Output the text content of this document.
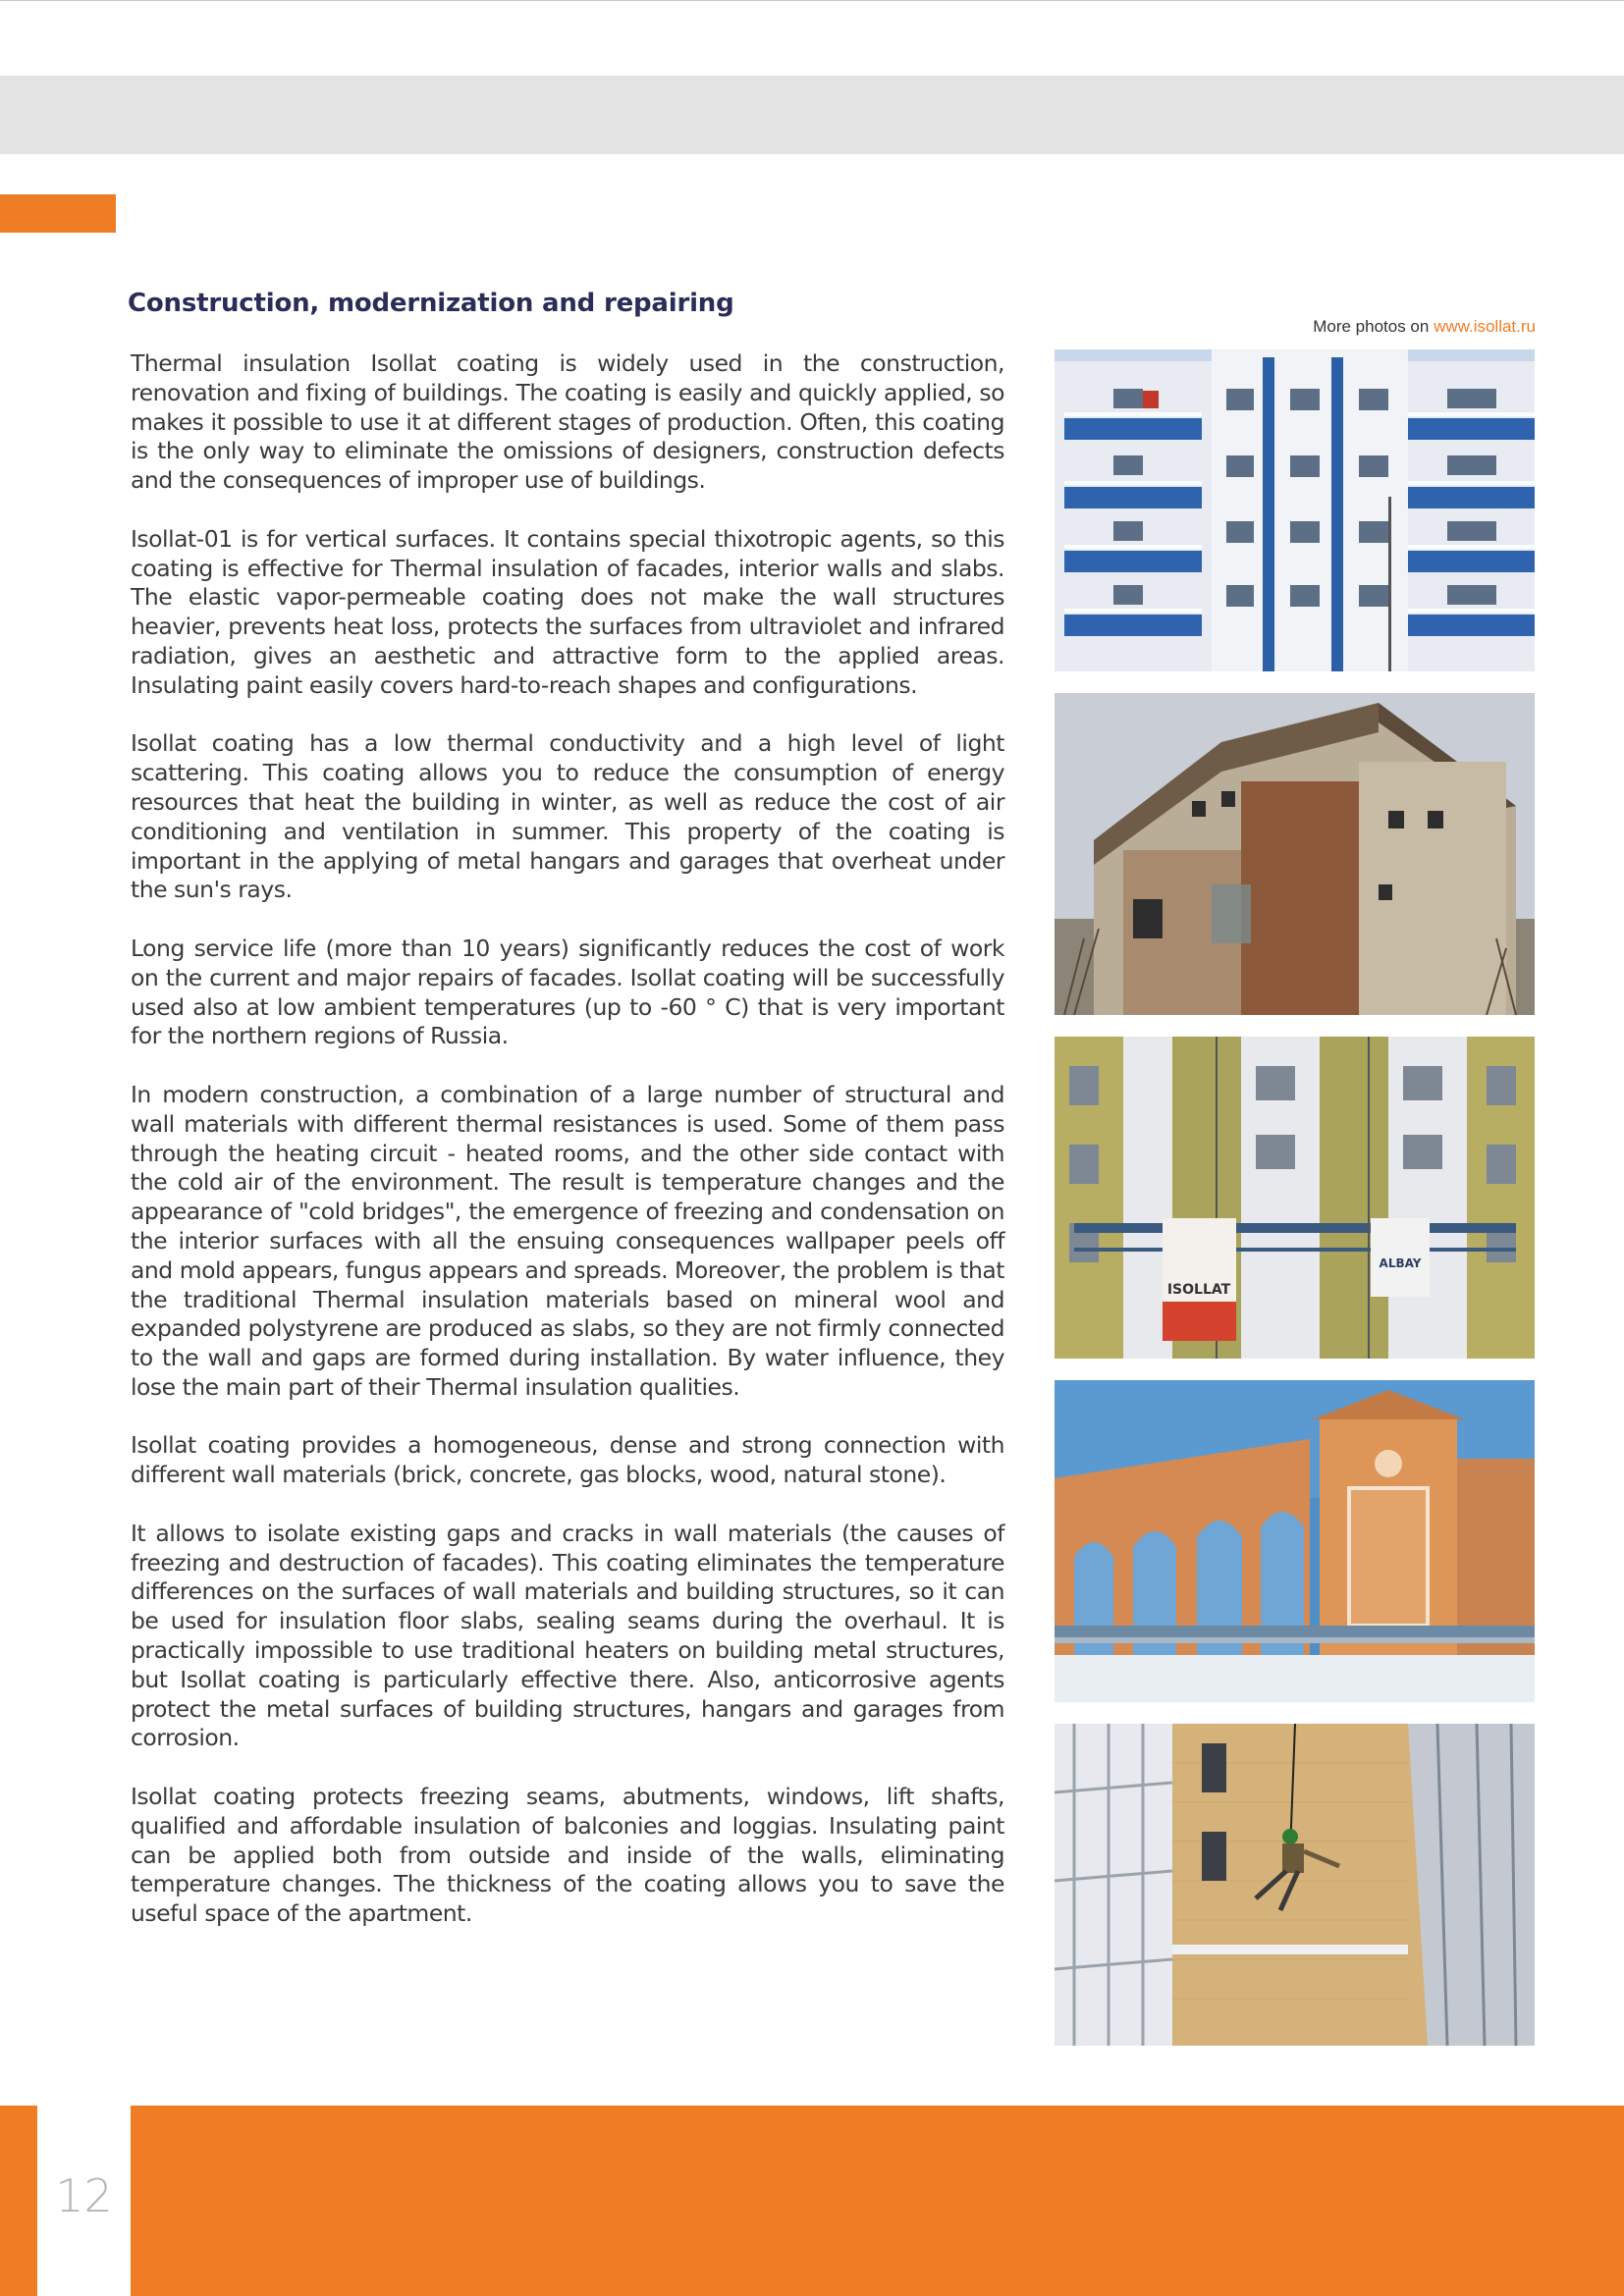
Construction, modernization and repairing
More photos on www.isollat.ru

Thermal insulation Isollat coating is widely used in the construction, renovation and fixing of buildings. The coating is easily and quickly applied, so makes it possible to use it at different stages of production. Often, this coating is the only way to eliminate the omissions of designers, construction defects and the consequences of improper use of buildings.

Isollat-01 is for vertical surfaces. It contains special thixotropic agents, so this coating is effective for Thermal insulation of facades, interior walls and slabs. The elastic vapor-permeable coating does not make the wall structures heavier, prevents heat loss, protects the surfaces from ultraviolet and infrared radiation, gives an aesthetic and attractive form to the applied areas. Insulating paint easily covers hard-to-reach shapes and configurations.

Isollat coating has a low thermal conductivity and a high level of light scattering. This coating allows you to reduce the consumption of energy resources that heat the building in winter, as well as reduce the cost of air conditioning and ventilation in summer. This property of the coating is important in the applying of metal hangars and garages that overheat under the sun's rays.

Long service life (more than 10 years) significantly reduces the cost of work on the current and major repairs of facades. Isollat coating will be successfully used also at low ambient temperatures (up to -60 ° C) that is very important for the northern regions of Russia.

In modern construction, a combination of a large number of structural and wall materials with different thermal resistances is used. Some of them pass through the heating circuit - heated rooms, and the other side contact with the cold air of the environment. The result is temperature changes and the appearance of "cold bridges", the emergence of freezing and condensation on the interior surfaces with all the ensuing consequences wallpaper peels off and mold appears, fungus appears and spreads. Moreover, the problem is that the traditional Thermal insulation materials based on mineral wool and expanded polystyrene are produced as slabs, so they are not firmly connected to the wall and gaps are formed during installation. By water influence, they lose the main part of their Thermal insulation qualities.

Isollat coating provides a homogeneous, dense and strong connection with different wall materials (brick, concrete, gas blocks, wood, natural stone).

It allows to isolate existing gaps and cracks in wall materials (the causes of freezing and destruction of facades). This coating eliminates the temperature differences on the surfaces of wall materials and building structures, so it can be used for insulation floor slabs, sealing seams during the overhaul. It is practically impossible to use traditional heaters on building metal structures, but Isollat coating is particularly effective there. Also, anticorrosive agents protect the metal surfaces of building structures, hangars and garages from corrosion.

Isollat coating protects freezing seams, abutments, windows, lift shafts, qualified and affordable insulation of balconies and loggias. Insulating paint can be applied both from outside and inside of the walls, eliminating temperature changes. The thickness of the coating allows you to save the useful space of the apartment.

ISOLLAT
ALBAY
12
